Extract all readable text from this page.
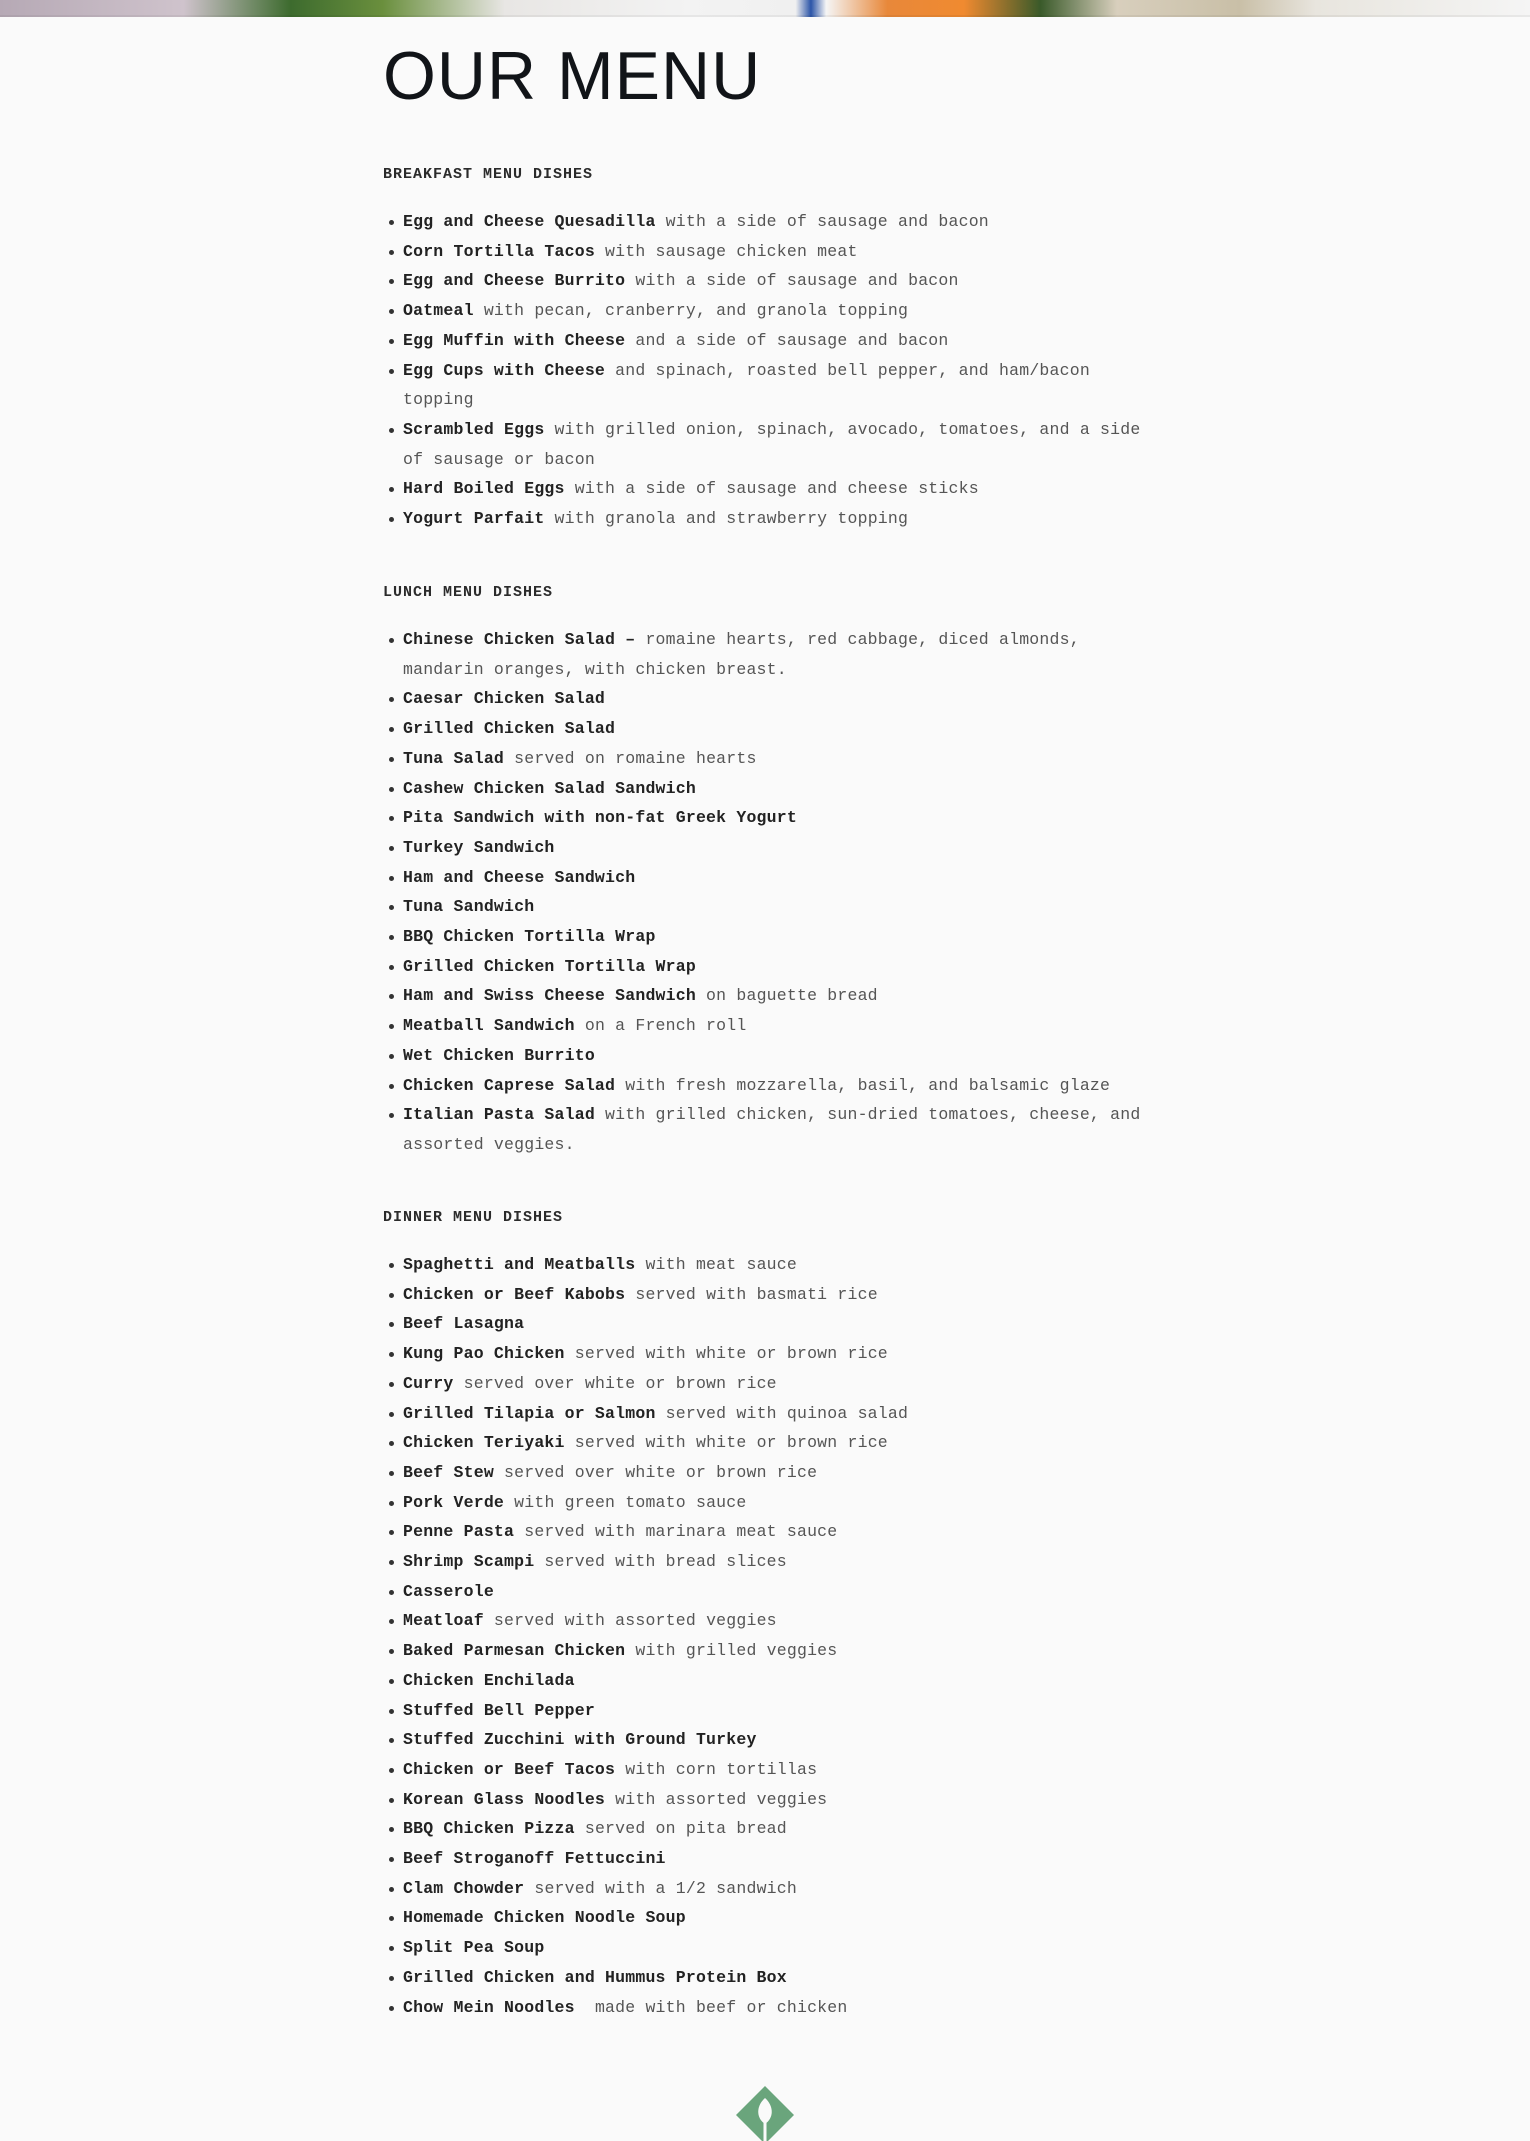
OUR MENU
BREAKFAST MENU DISHES
Egg and Cheese Quesadilla with a side of sausage and bacon
Corn Tortilla Tacos with sausage chicken meat
Egg and Cheese Burrito with a side of sausage and bacon
Oatmeal with pecan, cranberry, and granola topping
Egg Muffin with Cheese and a side of sausage and bacon
Egg Cups with Cheese and spinach, roasted bell pepper, and ham/bacon topping
Scrambled Eggs with grilled onion, spinach, avocado, tomatoes, and a side of sausage or bacon
Hard Boiled Eggs with a side of sausage and cheese sticks
Yogurt Parfait with granola and strawberry topping
LUNCH MENU DISHES
Chinese Chicken Salad – romaine hearts, red cabbage, diced almonds, mandarin oranges, with chicken breast.
Caesar Chicken Salad
Grilled Chicken Salad
Tuna Salad served on romaine hearts
Cashew Chicken Salad Sandwich
Pita Sandwich with non-fat Greek Yogurt
Turkey Sandwich
Ham and Cheese Sandwich
Tuna Sandwich
BBQ Chicken Tortilla Wrap
Grilled Chicken Tortilla Wrap
Ham and Swiss Cheese Sandwich on baguette bread
Meatball Sandwich on a French roll
Wet Chicken Burrito
Chicken Caprese Salad with fresh mozzarella, basil, and balsamic glaze
Italian Pasta Salad with grilled chicken, sun-dried tomatoes, cheese, and assorted veggies.
DINNER MENU DISHES
Spaghetti and Meatballs with meat sauce
Chicken or Beef Kabobs served with basmati rice
Beef Lasagna
Kung Pao Chicken served with white or brown rice
Curry served over white or brown rice
Grilled Tilapia or Salmon served with quinoa salad
Chicken Teriyaki served with white or brown rice
Beef Stew served over white or brown rice
Pork Verde with green tomato sauce
Penne Pasta served with marinara meat sauce
Shrimp Scampi served with bread slices
Casserole
Meatloaf served with assorted veggies
Baked Parmesan Chicken with grilled veggies
Chicken Enchilada
Stuffed Bell Pepper
Stuffed Zucchini with Ground Turkey
Chicken or Beef Tacos with corn tortillas
Korean Glass Noodles with assorted veggies
BBQ Chicken Pizza served on pita bread
Beef Stroganoff Fettuccini
Clam Chowder served with a 1/2 sandwich
Homemade Chicken Noodle Soup
Split Pea Soup
Grilled Chicken and Hummus Protein Box
Chow Mein Noodles  made with beef or chicken
